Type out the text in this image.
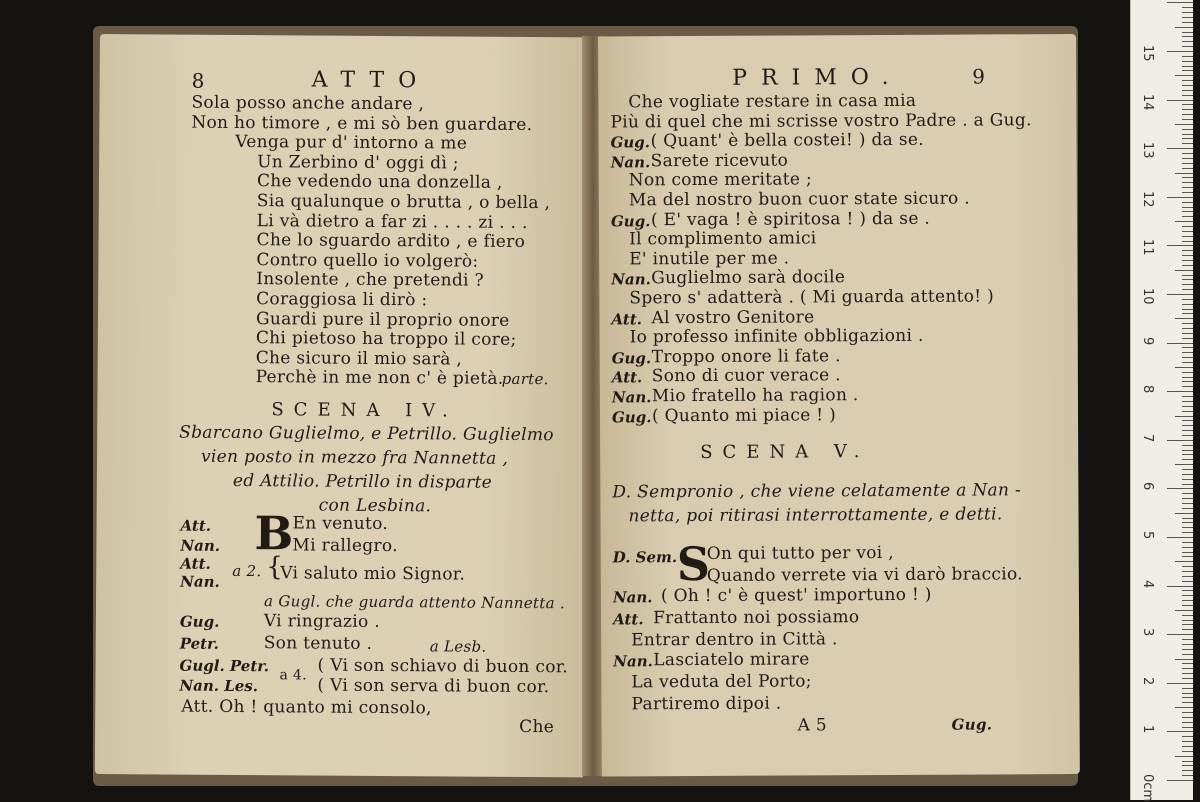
8	ATTO
Sola posso anche andare ,
Non ho timore , e mi sò ben guardare.
Venga pur d' intorno a me
Un Zerbino d' oggi dì ;
Che vedendo una donzella ,
Sia qualunque o brutta , o bella ,
Li và dietro a far zi . . . . zi . . .
Che lo sguardo ardito , e fiero
Contro quello io volgerò:
Insolente , che pretendi ?
Coraggiosa li dirò :
Guardi pure il proprio onore
Chi pietoso ha troppo il core;
Che sicuro il mio sarà ,
Perchè in me non c' è pietà.
parte.
SCENA IV.
Sbarcano Guglielmo, e Petrillo. Guglielmo
vien posto in mezzo fra Nannetta ,
ed Attilio. Petrillo in disparte
con Lesbina.
Att. B
En venuto.
Nan.	Mi rallegro.
Att.
Nan.
a 2. {
Vi saluto mio Signor.
a Gugl. che guarda attento Nannetta .
Gug.	Vi ringrazio .
Petr.	Son tenuto .	a Lesb.
Gugl. Petr.
Nan. Les.
a 4. ( Vi son schiavo di buon cor.
( Vi son serva di buon cor.
Att. Oh ! quanto mi consolo,
Che
PRIMO.	9
Che vogliate restare in casa mia
Più di quel che mi scrisse vostro Padre . a Gug.
Gug. ( Quant' è bella costei! ) da se.
Nan. Sarete ricevuto
Non come meritate ;
Ma del nostro buon cuor state sicuro .
Gug. ( E' vaga ! è spiritosa ! ) da se .
Il complimento amici
E' inutile per me .
Nan. Guglielmo sarà docile
Spero s' adatterà . ( Mi guarda attento! )
Att. Al vostro Genitore
Io professo infinite obbligazioni .
Gug. Troppo onore li fate .
Att. Sono di cuor verace .
Nan. Mio fratello ha ragion .
Gug. ( Quanto mi piace ! )
SCENA V.
D. Sempronio , che viene celatamente a Nan -
netta, poi ritirasi interrottamente, e detti.
D. Sem. S
On qui tutto per voi ,
Quando verrete via vi darò braccio.
Nan. ( Oh ! c' è quest' importuno ! )
Att. Frattanto noi possiamo
Entrar dentro in Città .
Nan. Lasciatelo mirare
La veduta del Porto;
Partiremo dipoi .
A 5	Gug.
0cm
1
2
3
4
5
6
7
8
9
10
11
12
13
14
15
